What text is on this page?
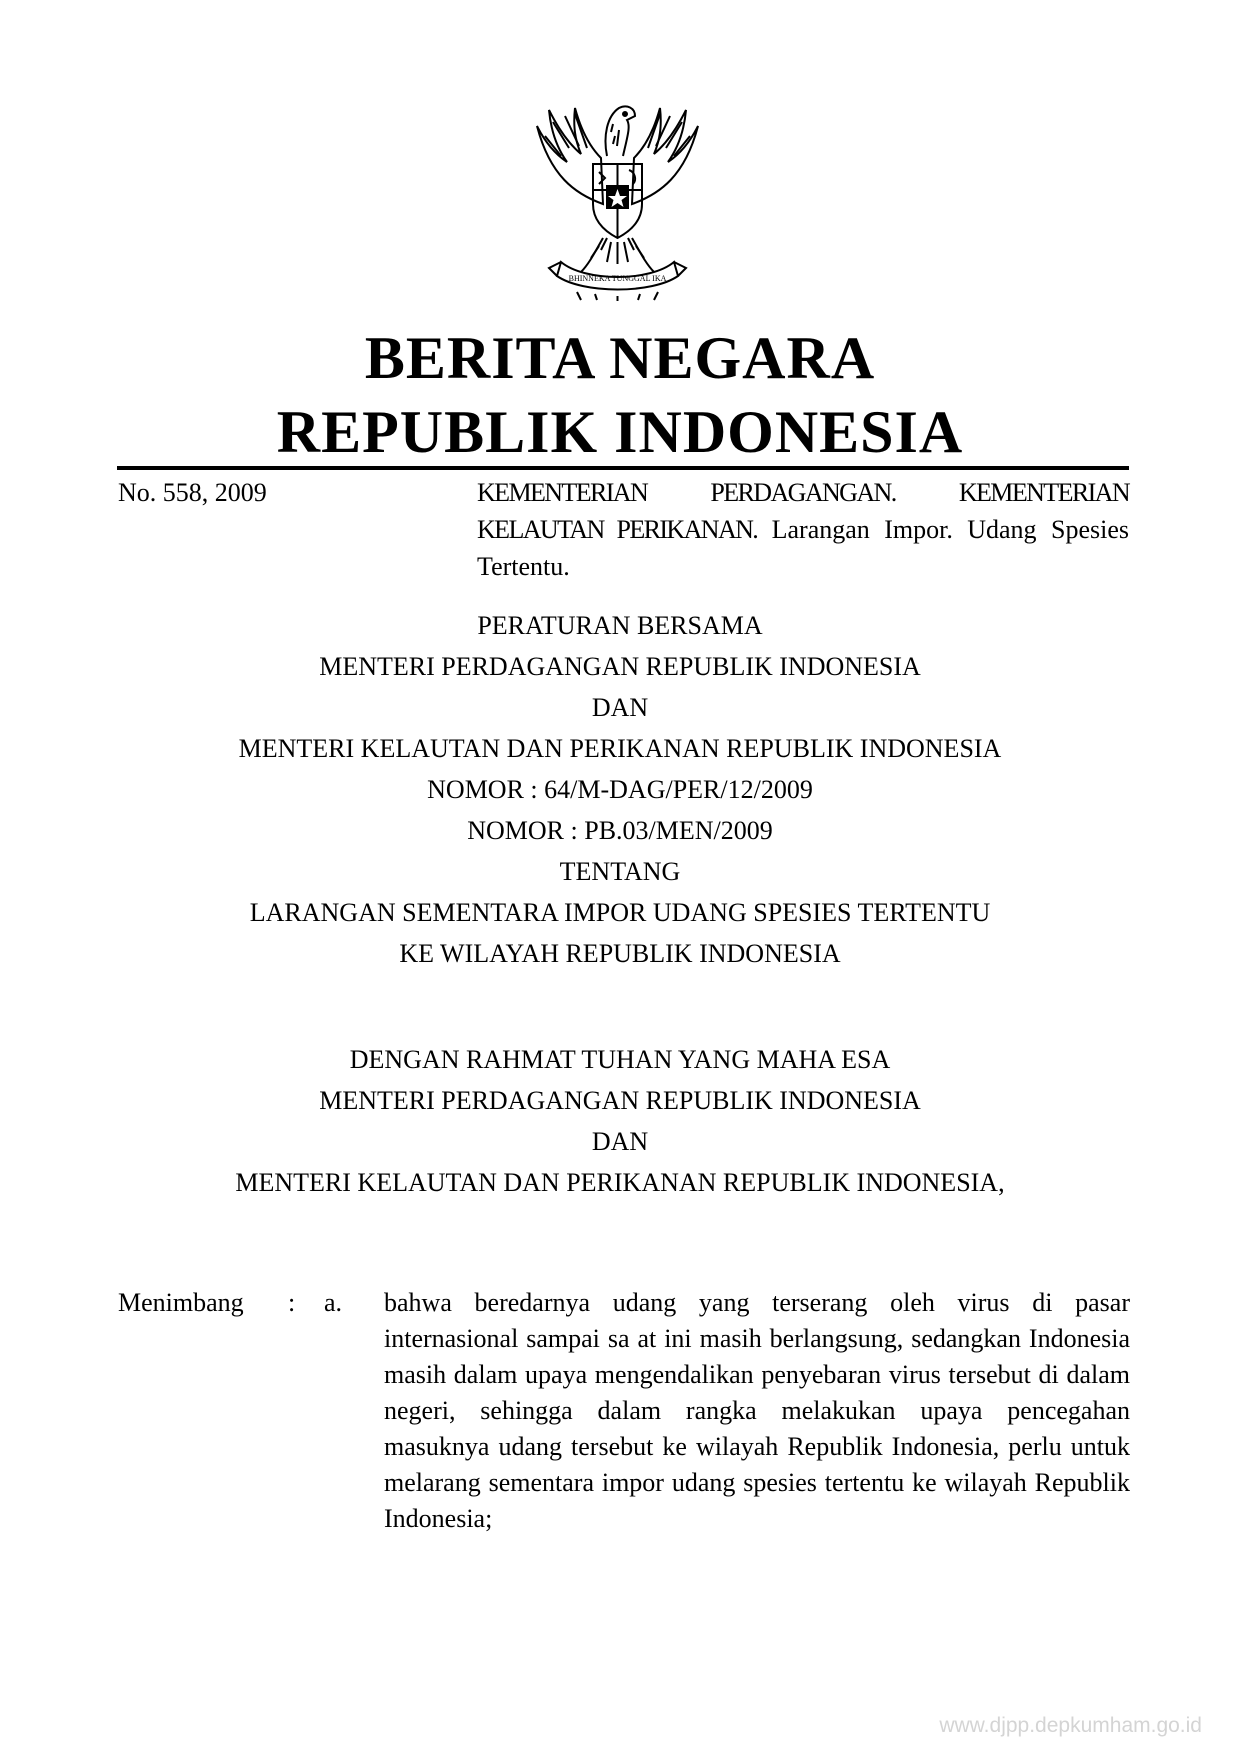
BHINNEKA TUNGGAL IKA
BERITA NEGARA
REPUBLIK INDONESIA
No. 558, 2009	KEMENTERIAN PERDAGANGAN. KEMENTERIAN KELAUTAN PERIKANAN. Larangan Impor. Udang Spesies Tertentu.
PERATURAN BERSAMA
MENTERI PERDAGANGAN REPUBLIK INDONESIA
DAN
MENTERI KELAUTAN DAN PERIKANAN REPUBLIK INDONESIA
NOMOR : 64/M-DAG/PER/12/2009
NOMOR : PB.03/MEN/2009
TENTANG
LARANGAN SEMENTARA IMPOR UDANG SPESIES TERTENTU
KE WILAYAH REPUBLIK INDONESIA
DENGAN RAHMAT TUHAN YANG MAHA ESA
MENTERI PERDAGANGAN REPUBLIK INDONESIA
DAN
MENTERI KELAUTAN DAN PERIKANAN REPUBLIK INDONESIA,
Menimbang : a. bahwa beredarnya udang yang terserang oleh virus di pasar internasional sampai sa at ini masih berlangsung, sedangkan Indonesia masih dalam upaya mengendalikan penyebaran virus tersebut di dalam negeri, sehingga dalam rangka melakukan upaya pencegahan masuknya udang tersebut ke wilayah Republik Indonesia, perlu untuk melarang sementara impor udang spesies tertentu ke wilayah Republik Indonesia;
www.djpp.depkumham.go.id
